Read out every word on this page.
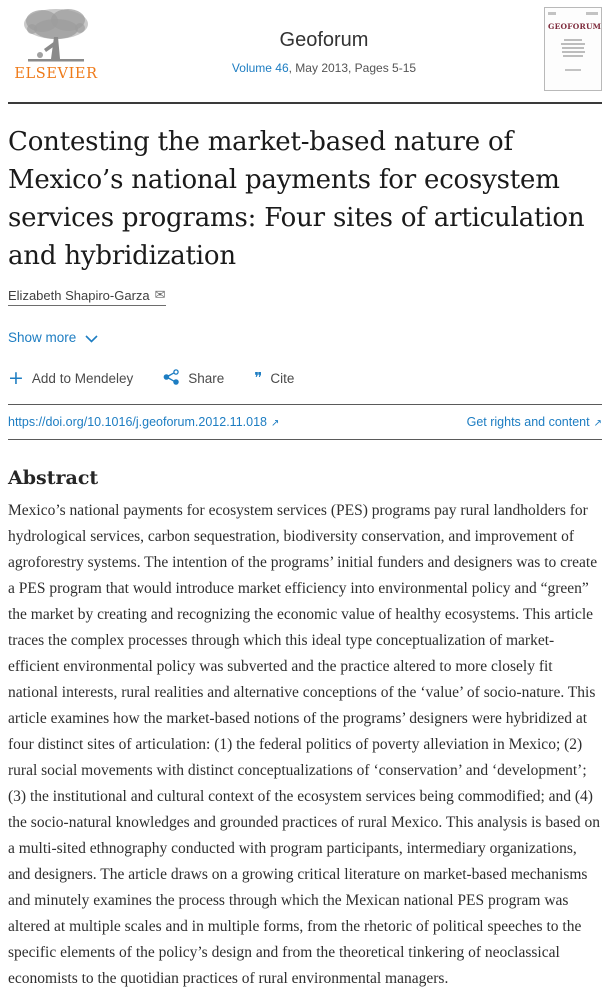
ELSEVIER
Geoforum
Volume 46, May 2013, Pages 5-15
GEOFORUM
Contesting the market-based nature of Mexico’s national payments for ecosystem services programs: Four sites of articulation and hybridization
Elizabeth Shapiro-Garza ✉
Show more
+ Add to Mendeley	Share ❞ Cite
https://doi.org/10.1016/j.geoforum.2012.11.018 ↗	Get rights and content ↗
Abstract

Mexico’s national payments for ecosystem services (PES) programs pay rural landholders for hydrological services, carbon sequestration, biodiversity conservation, and improvement of agroforestry systems. The intention of the programs’ initial funders and designers was to create a PES program that would introduce market efficiency into environmental policy and “green” the market by creating and recognizing the economic value of healthy ecosystems. This article traces the complex processes through which this ideal type conceptualization of market-efficient environmental policy was subverted and the practice altered to more closely fit national interests, rural realities and alternative conceptions of the ‘value’ of socio-nature. This article examines how the market-based notions of the programs’ designers were hybridized at four distinct sites of articulation: (1) the federal politics of poverty alleviation in Mexico; (2) rural social movements with distinct conceptualizations of ‘conservation’ and ‘development’; (3) the institutional and cultural context of the ecosystem services being commodified; and (4) the socio-natural knowledges and grounded practices of rural Mexico. This analysis is based on a multi-sited ethnography conducted with program participants, intermediary organizations, and designers. The article draws on a growing critical literature on market-based mechanisms and minutely examines the process through which the Mexican national PES program was altered at multiple scales and in multiple forms, from the rhetoric of political speeches to the specific elements of the policy’s design and from the theoretical tinkering of neoclassical economists to the quotidian practices of rural environmental managers.
